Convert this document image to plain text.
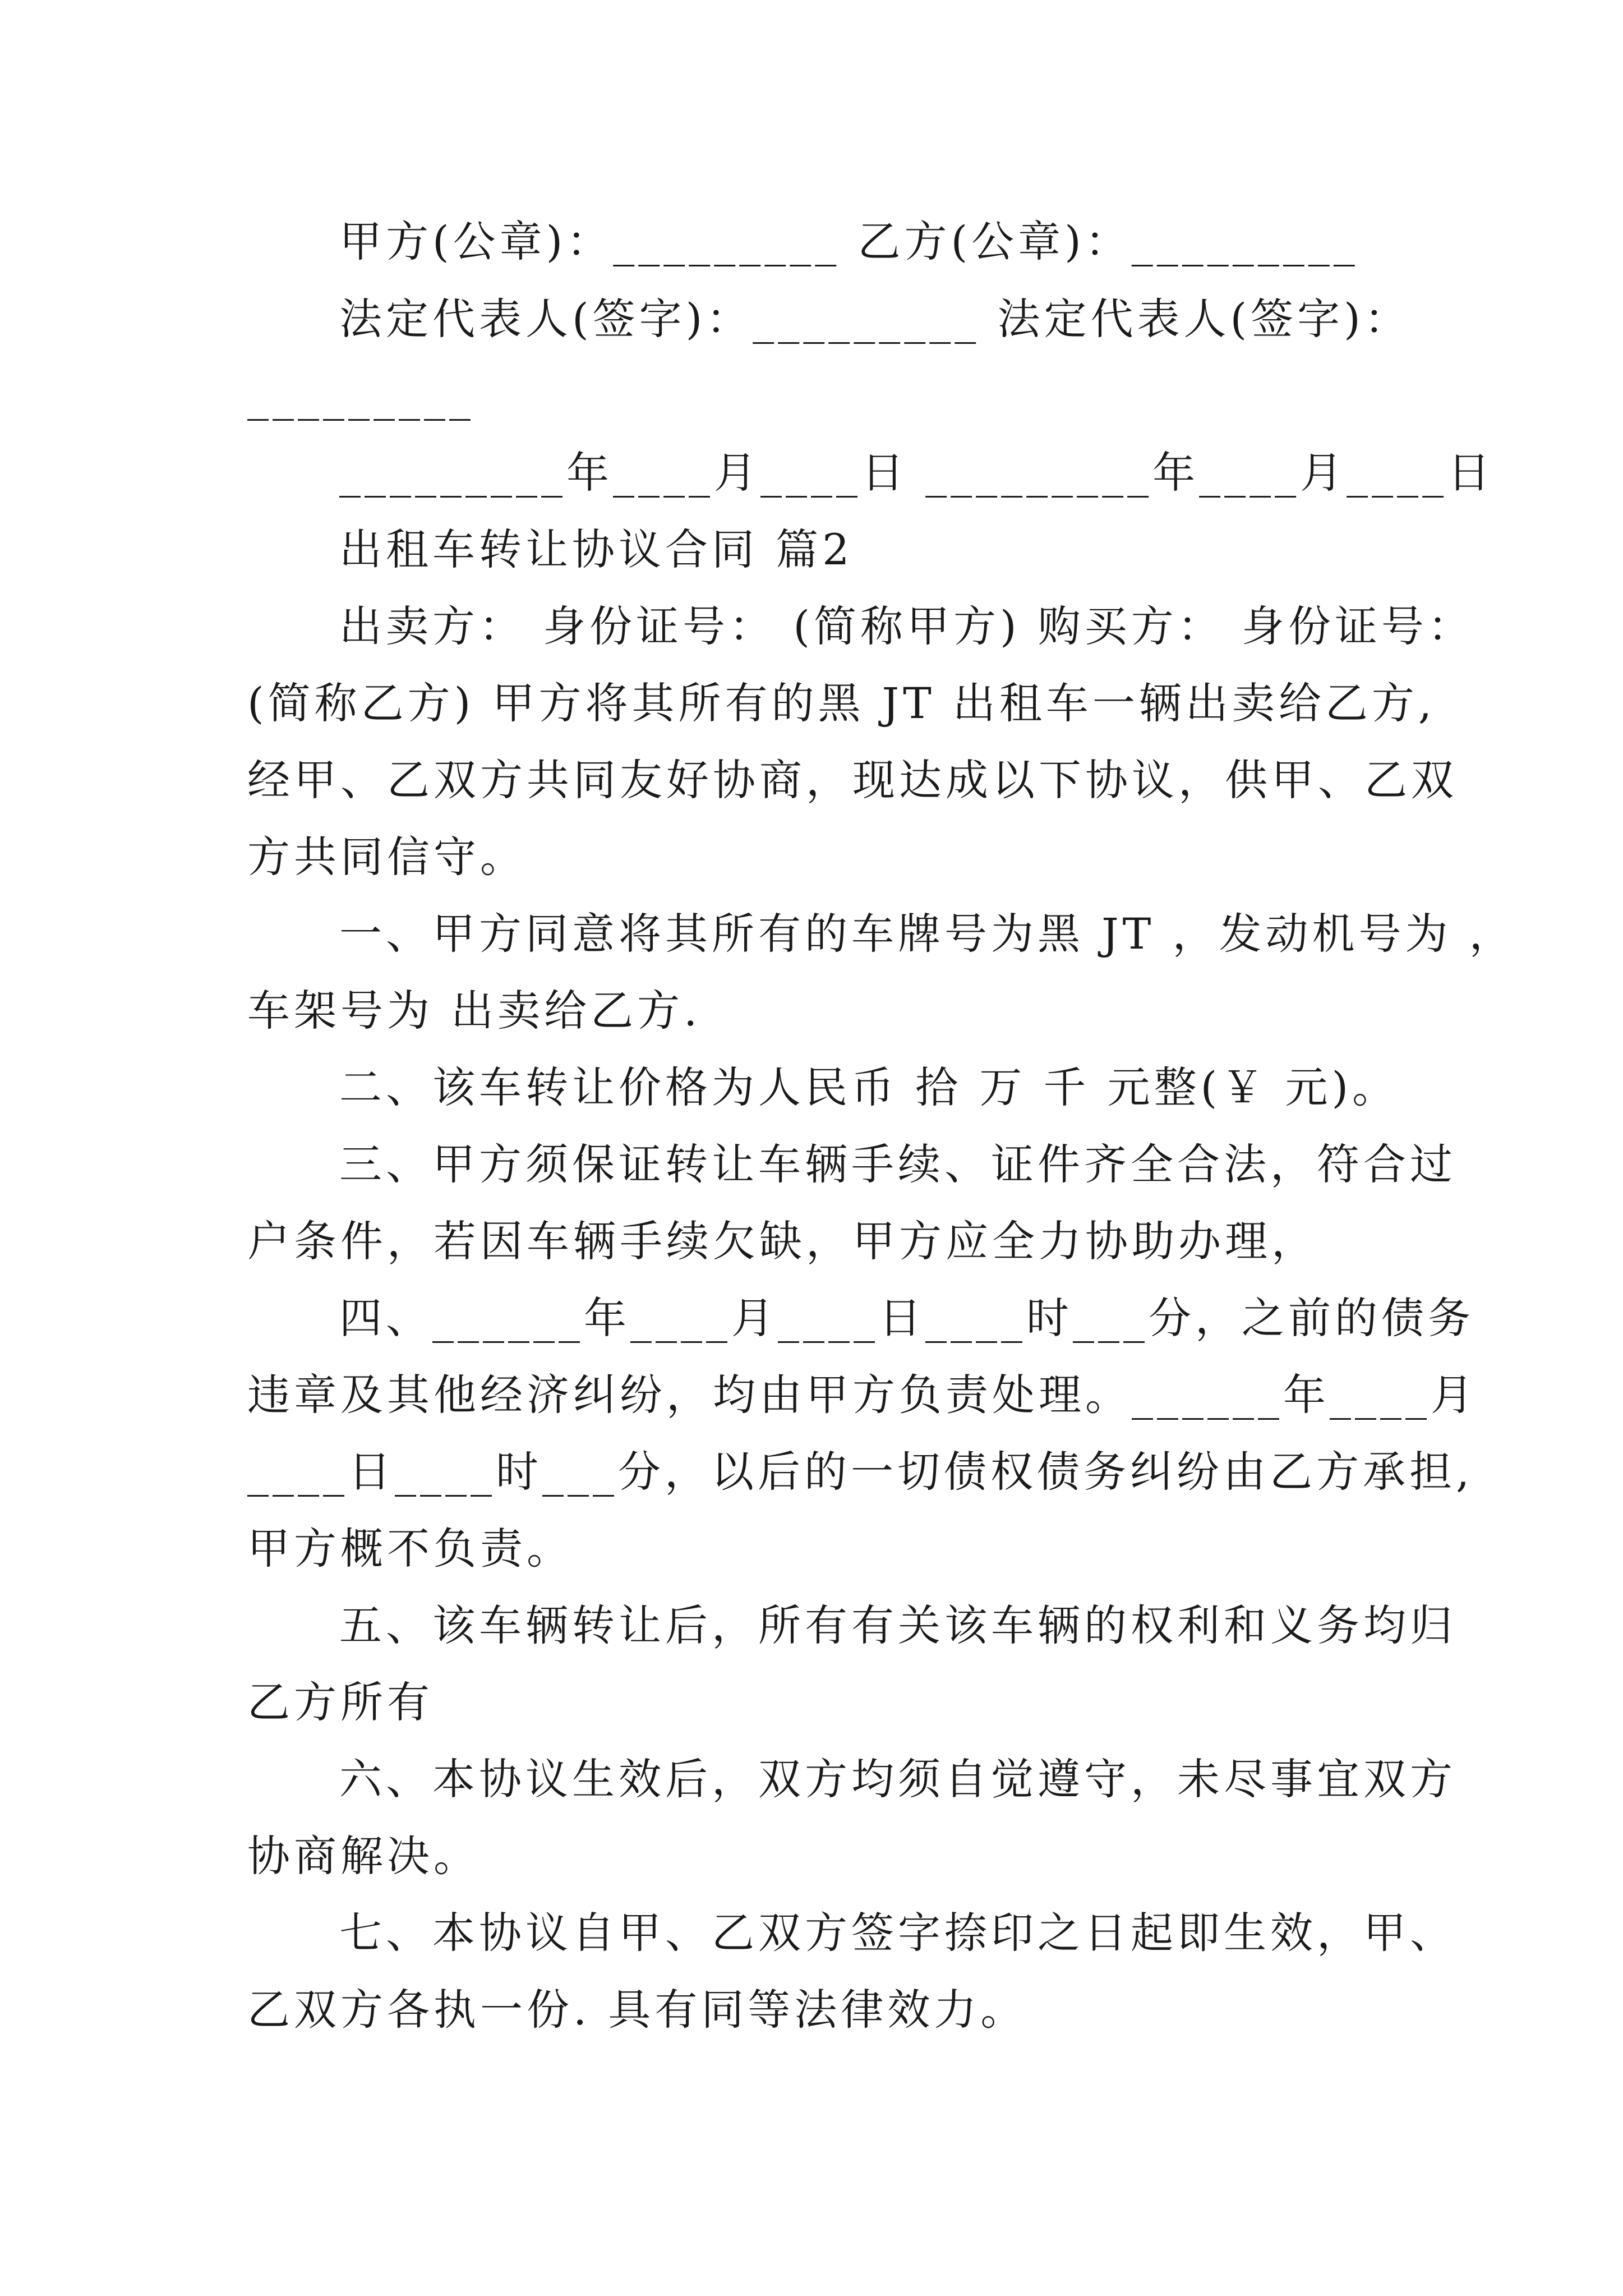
甲方(公章)：_________ 乙方(公章)：_________
法定代表人(签字)：_________ 法定代表人(签字)：
_________
_________年____月____日 _________年____月____日
出租车转让协议合同 篇2
出卖方： 身份证号： (简称甲方) 购买方： 身份证号：
(简称乙方) 甲方将其所有的黑 JT 出租车一辆出卖给乙方,
经甲、乙双方共同友好协商，现达成以下协议，供甲、乙双
方共同信守。
一、甲方同意将其所有的车牌号为黑 JT ，发动机号为 ，
车架号为 出卖给乙方.
二、该车转让价格为人民币 拾 万 千 元整(￥ 元)。
三、甲方须保证转让车辆手续、证件齐全合法，符合过
户条件，若因车辆手续欠缺，甲方应全力协助办理，
四、______年____月____日____时___分，之前的债务
违章及其他经济纠纷，均由甲方负责处理。______年____月
____日____时___分，以后的一切债权债务纠纷由乙方承担,
甲方概不负责。
五、该车辆转让后，所有有关该车辆的权利和义务均归
乙方所有
六、本协议生效后，双方均须自觉遵守，未尽事宜双方
协商解决。
七、本协议自甲、乙双方签字捺印之日起即生效，甲、
乙双方各执一份. 具有同等法律效力。
